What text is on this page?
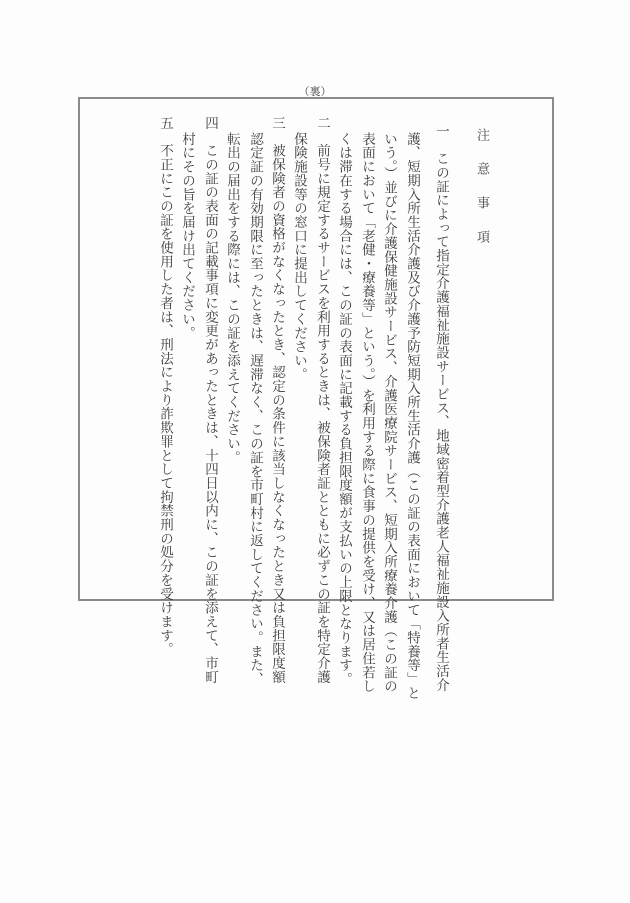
（裏）
注意事項
一　この証によって指定介護福祉施設サービス、地域密着型介護老人福祉施設入所者生活介
護、短期入所生活介護及び介護予防短期入所生活介護（この証の表面において「特養等」と
いう。）並びに介護保健施設サービス、介護医療院サービス、短期入所療養介護（この証の
表面において「老健・療養等」という。）を利用する際に食事の提供を受け、又は居住若し
くは滞在する場合には、この証の表面に記載する負担限度額が支払いの上限となります。
二　前号に規定するサービスを利用するときは、被保険者証とともに必ずこの証を特定介護
保険施設等の窓口に提出してください。
三　被保険者の資格がなくなったとき、認定の条件に該当しなくなったとき又は負担限度額
認定証の有効期限に至ったときは、遅滞なく、この証を市町村に返してください。また、
転出の届出をする際には、この証を添えてください。
四　この証の表面の記載事項に変更があったときは、十四日以内に、この証を添えて、市町
村にその旨を届け出てください。
五　不正にこの証を使用した者は、刑法により詐欺罪として拘禁刑の処分を受けます。
